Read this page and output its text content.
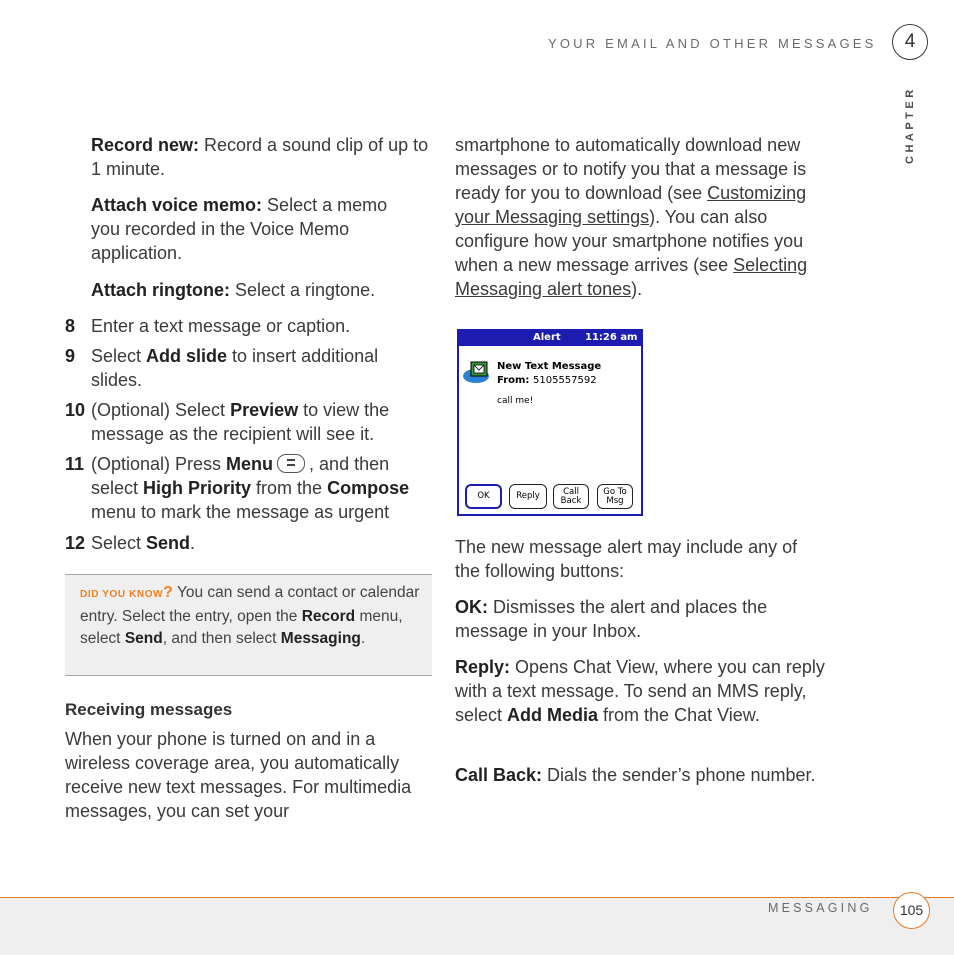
YOUR EMAIL AND OTHER MESSAGES	4
CHAPTER
Record new: Record a sound clip of up to 1 minute.
Attach voice memo: Select a memo you recorded in the Voice Memo application.
Attach ringtone: Select a ringtone.
8 Enter a text message or caption.
9 Select Add slide to insert additional slides.
10 (Optional) Select Preview to view the message as the recipient will see it.
11 (Optional) Press Menu , and then select High Priority from the Compose menu to mark the message as urgent
12 Select Send.
DID YOU KNOW? You can send a contact or calendar entry. Select the entry, open the Record menu, select Send, and then select Messaging.
Receiving messages
When your phone is turned on and in a wireless coverage area, you automatically receive new text messages. For multimedia messages, you can set your
smartphone to automatically download new messages or to notify you that a message is ready for you to download (see Customizing your Messaging settings). You can also configure how your smartphone notifies you when a new message arrives (see Selecting Messaging alert tones).
Alert 11:26 am
New Text Message
From: 5105557592
call me!
OK	Reply	Call
Back
Go To
Msg
The new message alert may include any of the following buttons:
OK: Dismisses the alert and places the message in your Inbox.
Reply: Opens Chat View, where you can reply with a text message. To send an MMS reply, select Add Media from the Chat View.
Call Back: Dials the sender’s phone number.
MESSAGING	105
